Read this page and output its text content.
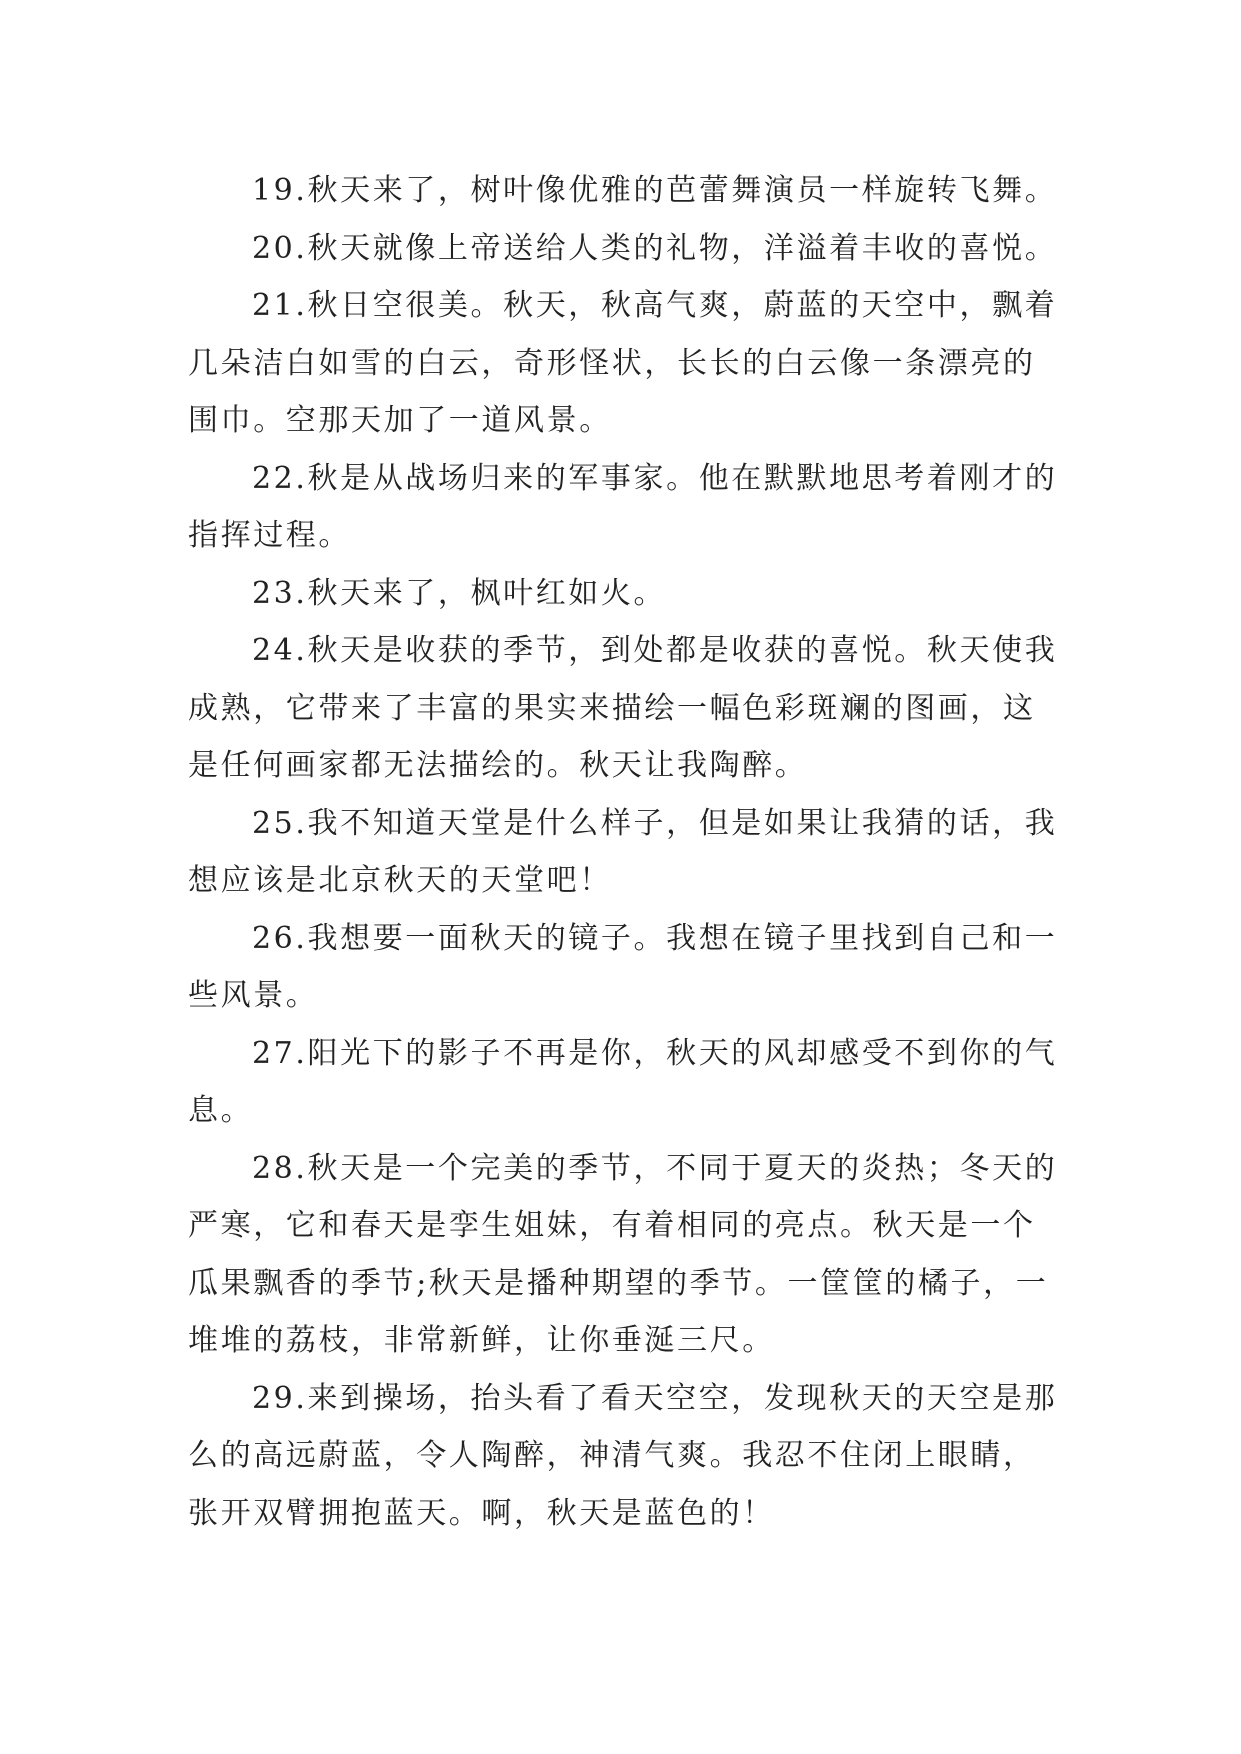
19.秋天来了，树叶像优雅的芭蕾舞演员一样旋转飞舞。

20.秋天就像上帝送给人类的礼物，洋溢着丰收的喜悦。

21.秋日空很美。秋天，秋高气爽，蔚蓝的天空中，飘着几朵洁白如雪的白云，奇形怪状，长长的白云像一条漂亮的围巾。空那天加了一道风景。

22.秋是从战场归来的军事家。他在默默地思考着刚才的指挥过程。

23.秋天来了，枫叶红如火。

24.秋天是收获的季节，到处都是收获的喜悦。秋天使我成熟，它带来了丰富的果实来描绘一幅色彩斑斓的图画，这是任何画家都无法描绘的。秋天让我陶醉。

25.我不知道天堂是什么样子，但是如果让我猜的话，我想应该是北京秋天的天堂吧！

26.我想要一面秋天的镜子。我想在镜子里找到自己和一些风景。

27.阳光下的影子不再是你，秋天的风却感受不到你的气息。

28.秋天是一个完美的季节，不同于夏天的炎热；冬天的严寒，它和春天是孪生姐妹，有着相同的亮点。秋天是一个瓜果飘香的季节;秋天是播种期望的季节。一筐筐的橘子，一堆堆的荔枝，非常新鲜，让你垂涎三尺。

29.来到操场，抬头看了看天空空，发现秋天的天空是那么的高远蔚蓝，令人陶醉，神清气爽。我忍不住闭上眼睛，张开双臂拥抱蓝天。啊，秋天是蓝色的！
